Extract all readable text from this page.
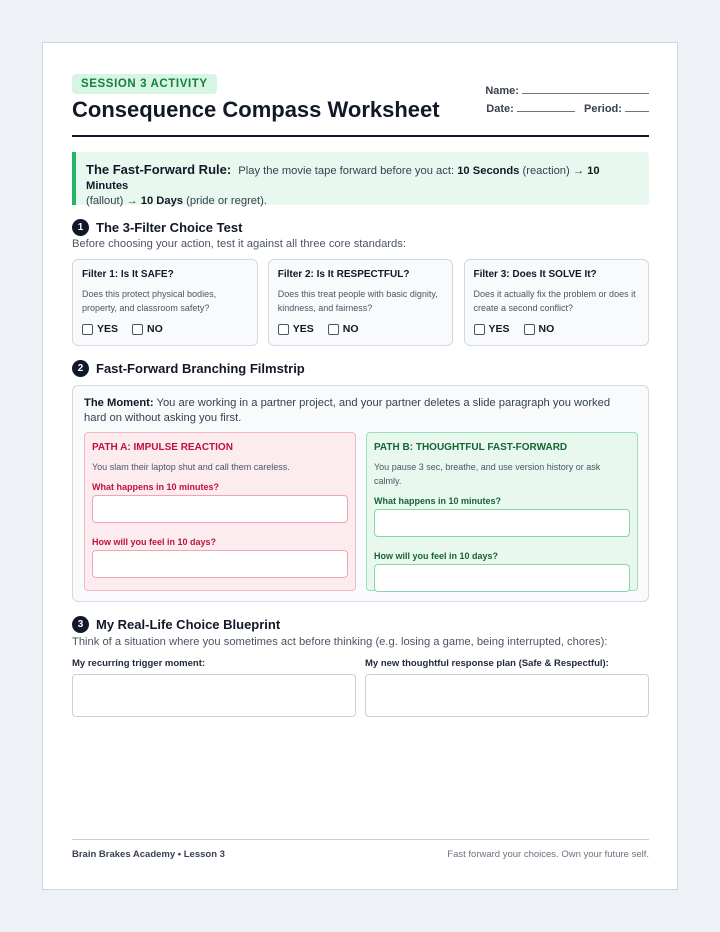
SESSION 3 ACTIVITY
Consequence Compass Worksheet
Name:
Date:	Period:
The Fast-Forward Rule: Play the movie tape forward before you act: 10 Seconds (reaction) → 10 Minutes
(fallout) → 10 Days (pride or regret).
1 The 3-Filter Choice Test
Before choosing your action, test it against all three core standards:
Filter 1: Is It SAFE?

Does this protect physical bodies, property, and classroom safety?

YES	NO
Filter 2: Is It RESPECTFUL?

Does this treat people with basic dignity, kindness, and fairness?

YES	NO
Filter 3: Does It SOLVE It?

Does it actually fix the problem or does it create a second conflict?

YES	NO
2 Fast-Forward Branching Filmstrip
The Moment: You are working in a partner project, and your partner deletes a slide paragraph you worked hard on without asking you first.
PATH A: IMPULSE REACTION
You slam their laptop shut and call them careless.
What happens in 10 minutes?
How will you feel in 10 days?
PATH B: THOUGHTFUL FAST-FORWARD
You pause 3 sec, breathe, and use version history or ask calmly.
What happens in 10 minutes?
How will you feel in 10 days?
3 My Real-Life Choice Blueprint
Think of a situation where you sometimes act before thinking (e.g. losing a game, being interrupted, chores):
My recurring trigger moment:	My new thoughtful response plan (Safe & Respectful):
Brain Brakes Academy • Lesson 3	Fast forward your choices. Own your future self.
